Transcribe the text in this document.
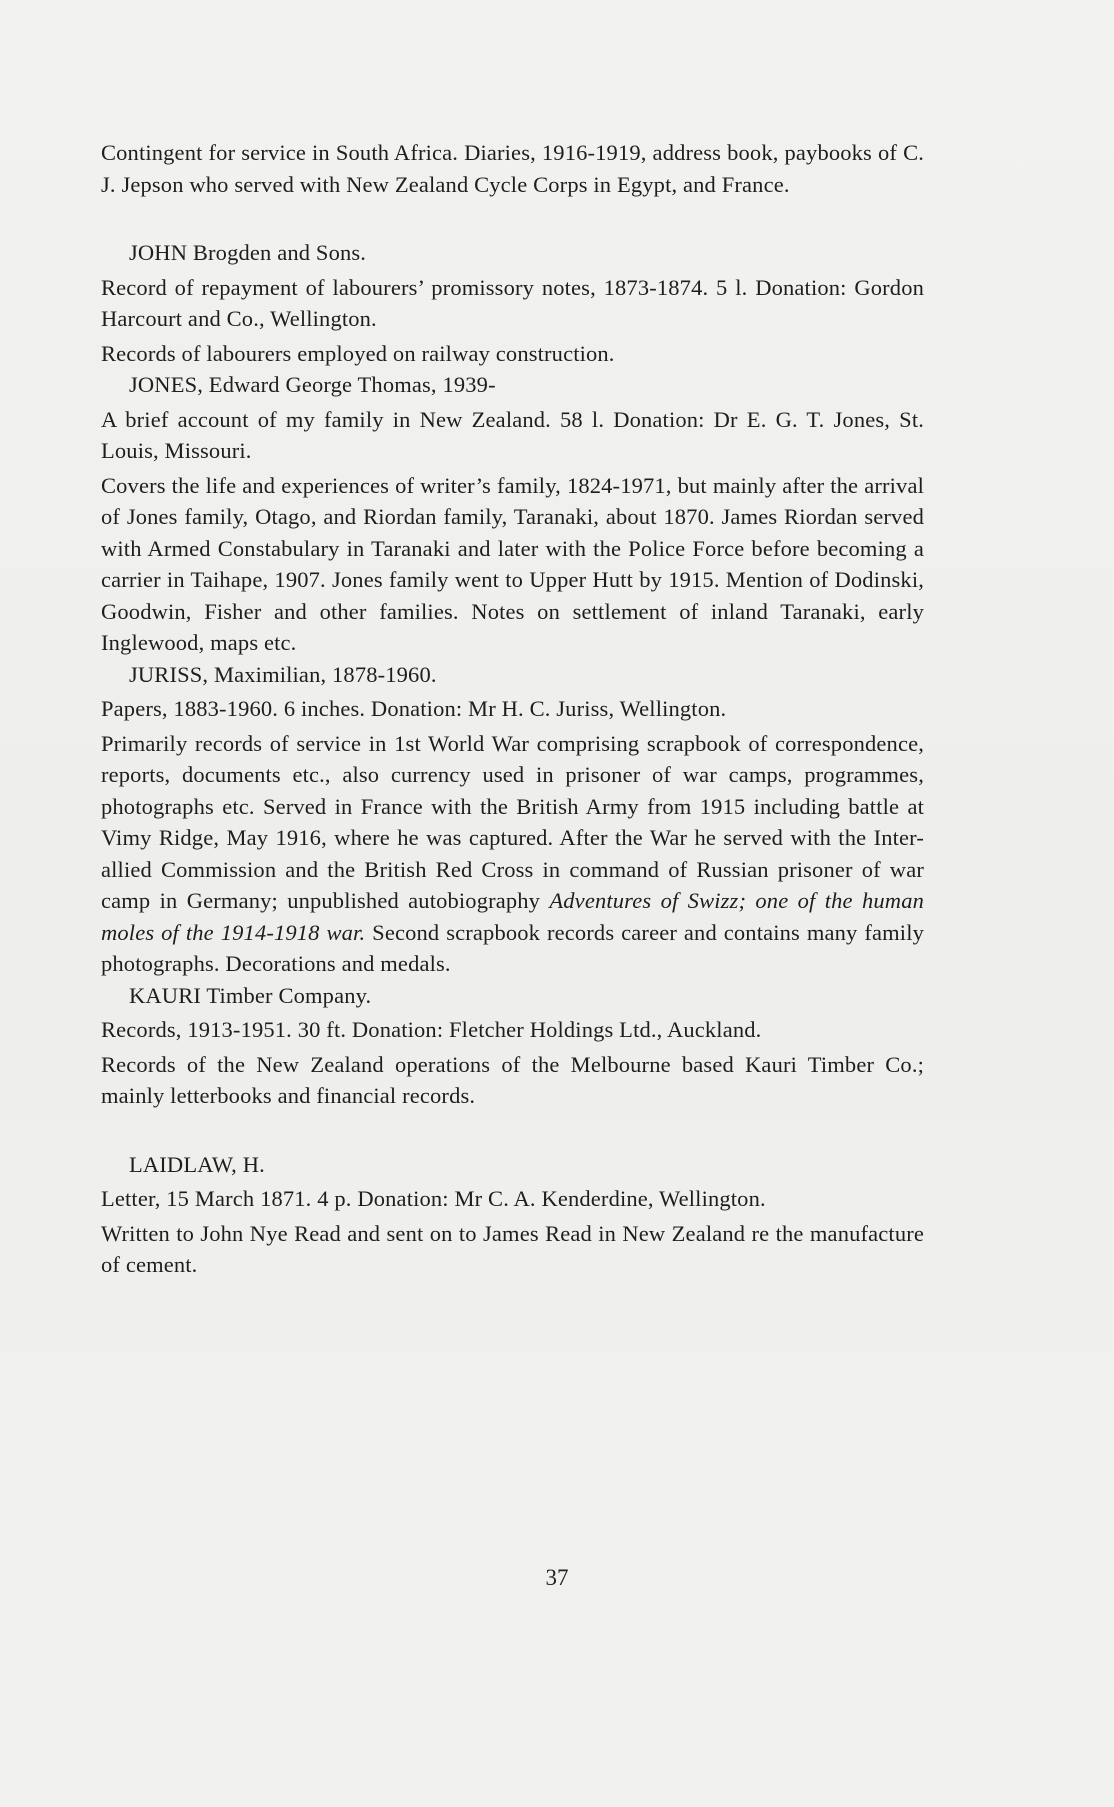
Contingent for service in South Africa. Diaries, 1916-1919, address book, paybooks of C. J. Jepson who served with New Zealand Cycle Corps in Egypt, and France.

JOHN Brogden and Sons.

Record of repayment of labourers’ promissory notes, 1873-1874. 5 l. Donation: Gordon Harcourt and Co., Wellington.

Records of labourers employed on railway construction.

JONES, Edward George Thomas, 1939-

A brief account of my family in New Zealand. 58 l. Donation: Dr E. G. T. Jones, St. Louis, Missouri.

Covers the life and experiences of writer’s family, 1824-1971, but mainly after the arrival of Jones family, Otago, and Riordan family, Taranaki, about 1870. James Riordan served with Armed Constabulary in Taranaki and later with the Police Force before becoming a carrier in Taihape, 1907. Jones family went to Upper Hutt by 1915. Mention of Dodinski, Goodwin, Fisher and other families. Notes on settlement of inland Taranaki, early Inglewood, maps etc.

JURISS, Maximilian, 1878-1960.

Papers, 1883-1960. 6 inches. Donation: Mr H. C. Juriss, Wellington.

Primarily records of service in 1st World War comprising scrapbook of correspondence, reports, documents etc., also currency used in prisoner of war camps, programmes, photographs etc. Served in France with the British Army from 1915 including battle at Vimy Ridge, May 1916, where he was captured. After the War he served with the Inter-allied Commission and the British Red Cross in command of Russian prisoner of war camp in Germany; unpublished autobiography Adventures of Swizz; one of the human moles of the 1914-1918 war. Second scrapbook records career and contains many family photographs. Decorations and medals.

KAURI Timber Company.

Records, 1913-1951. 30 ft. Donation: Fletcher Holdings Ltd., Auckland.

Records of the New Zealand operations of the Melbourne based Kauri Timber Co.; mainly letterbooks and financial records.

LAIDLAW, H.

Letter, 15 March 1871. 4 p. Donation: Mr C. A. Kenderdine, Wellington.

Written to John Nye Read and sent on to James Read in New Zealand re the manufacture of cement.

37
